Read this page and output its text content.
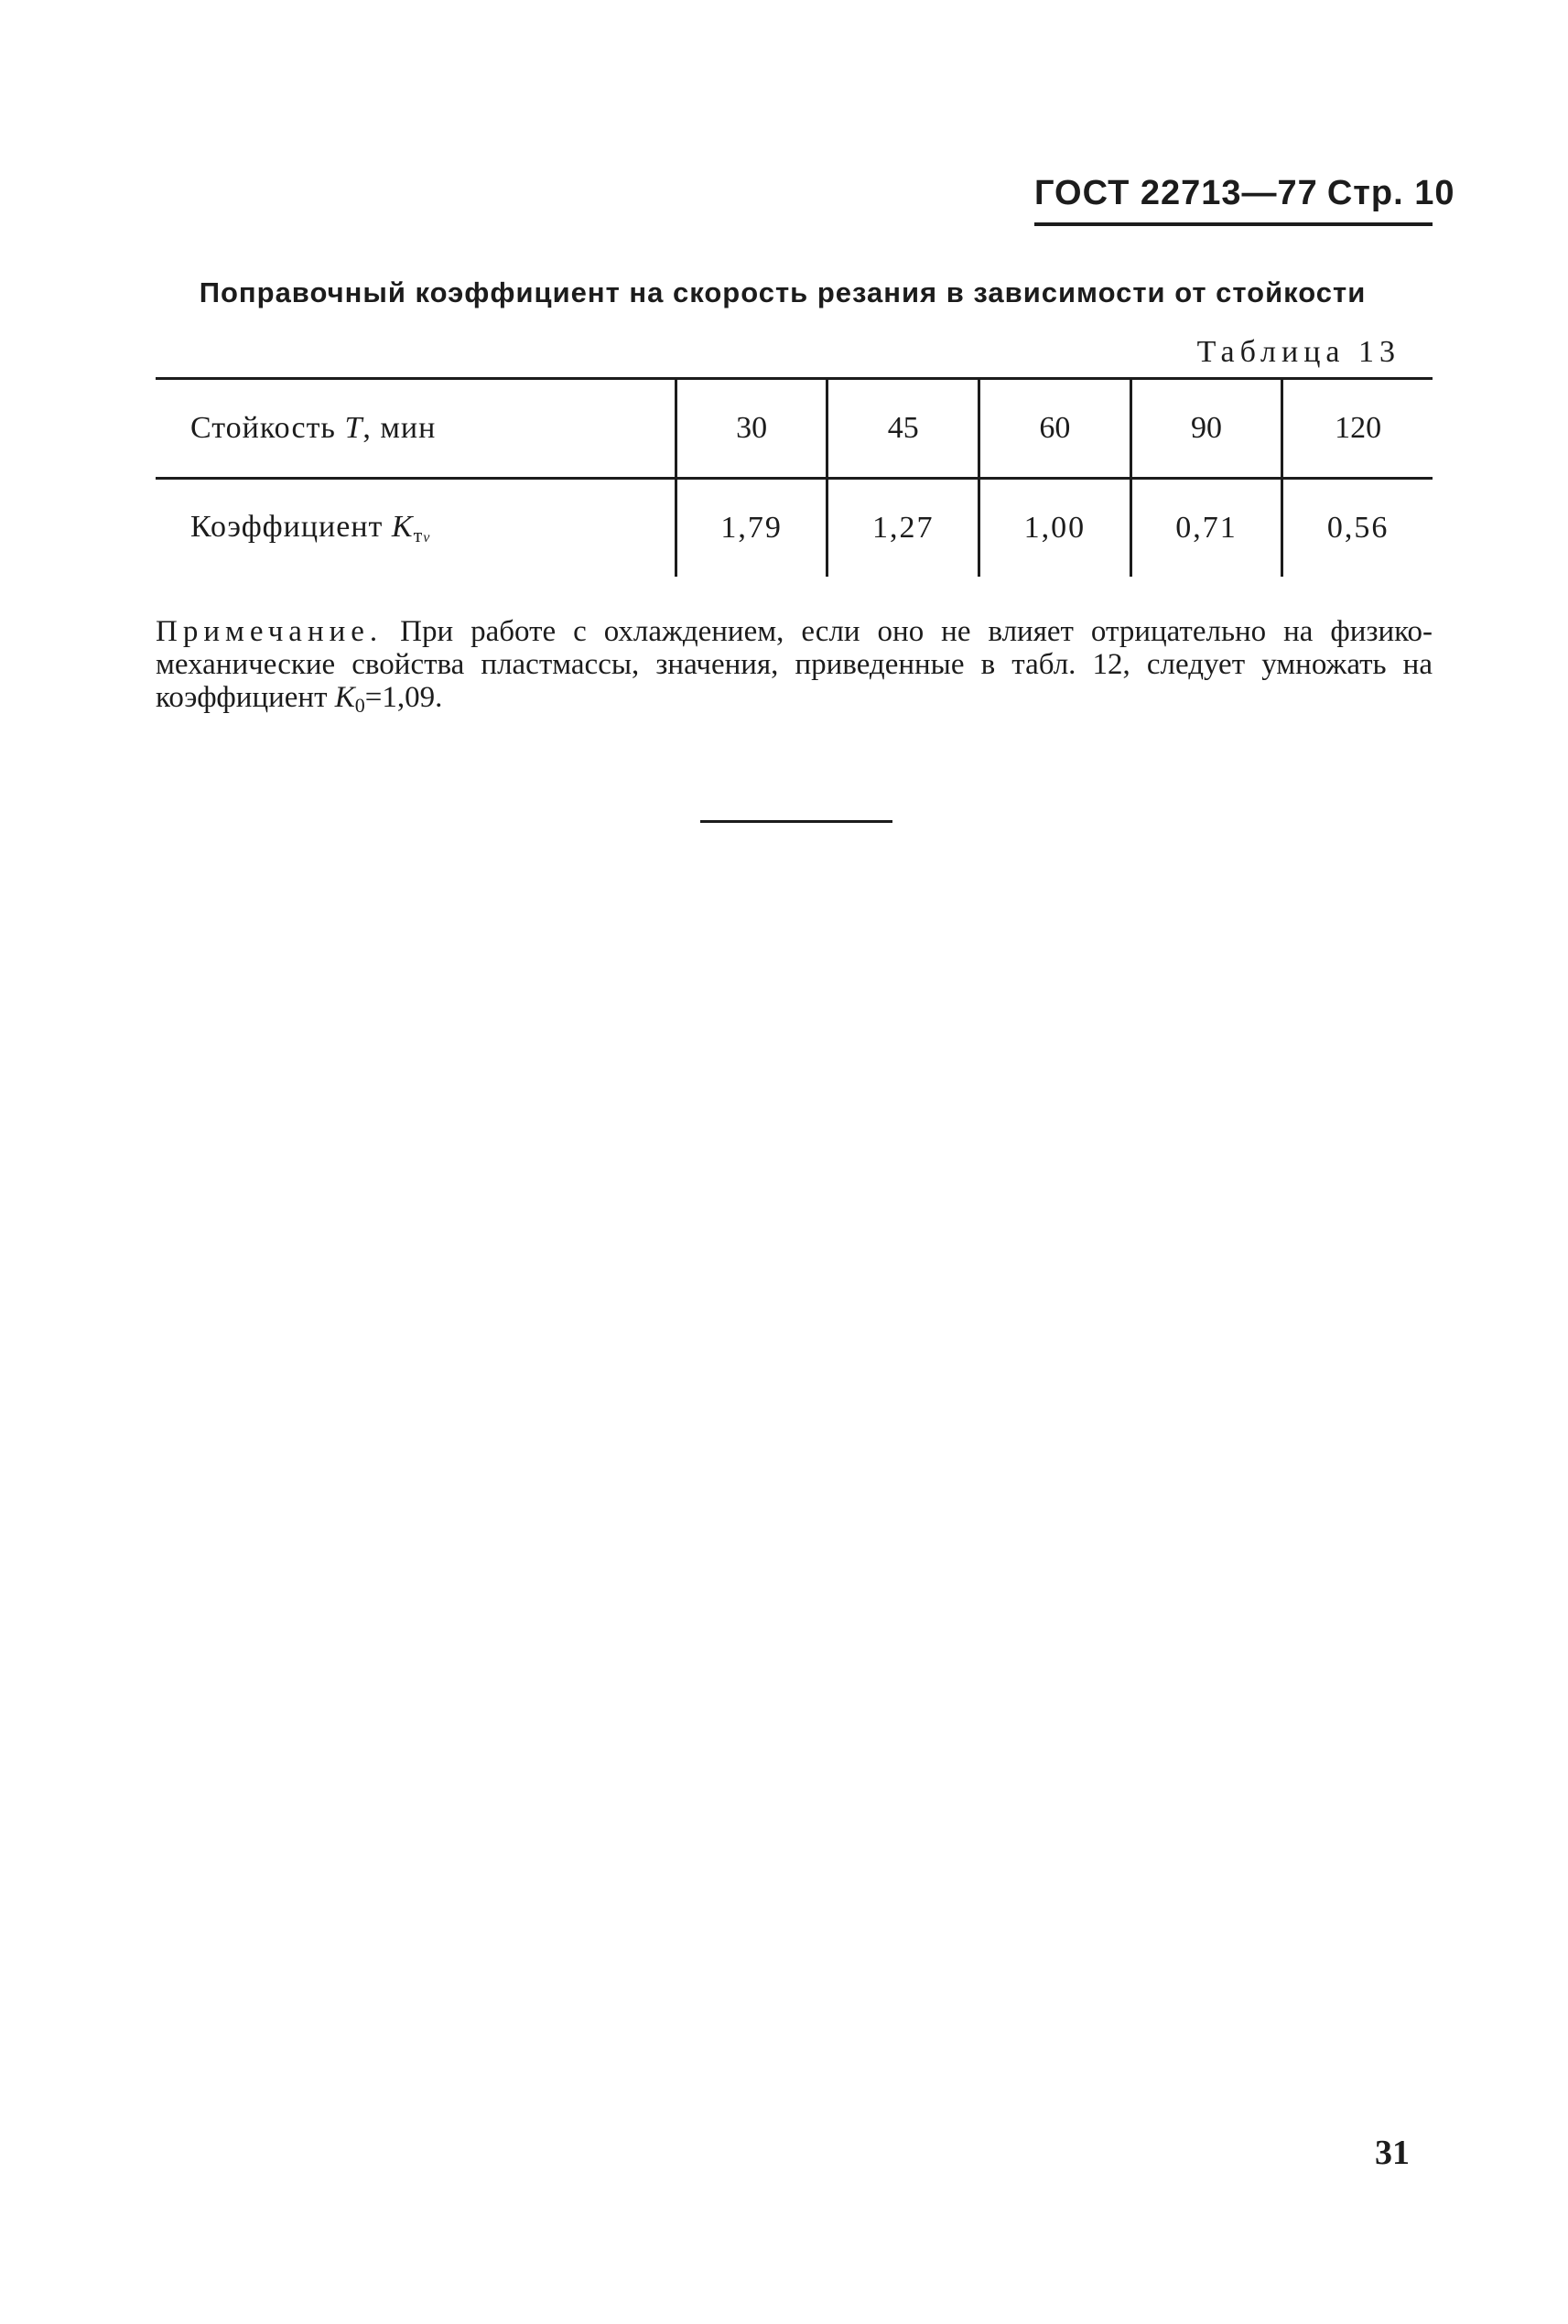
ГОСТ 22713—77 Стр. 10
Поправочный коэффициент на скорость резания в зависимости от стойкости
Таблица 13
Стойкость T, мин	30	45	60	90	120
Коэффициент $K_тv$	1,79	1,27	1,00	0,71	0,56
Примечание. При работе с охлаждением, если оно не влияет отрицательно на физико-механические свойства пластмассы, значения, приведенные в табл. 12, следует умножать на коэффициент $K_0=1,09$.
31
